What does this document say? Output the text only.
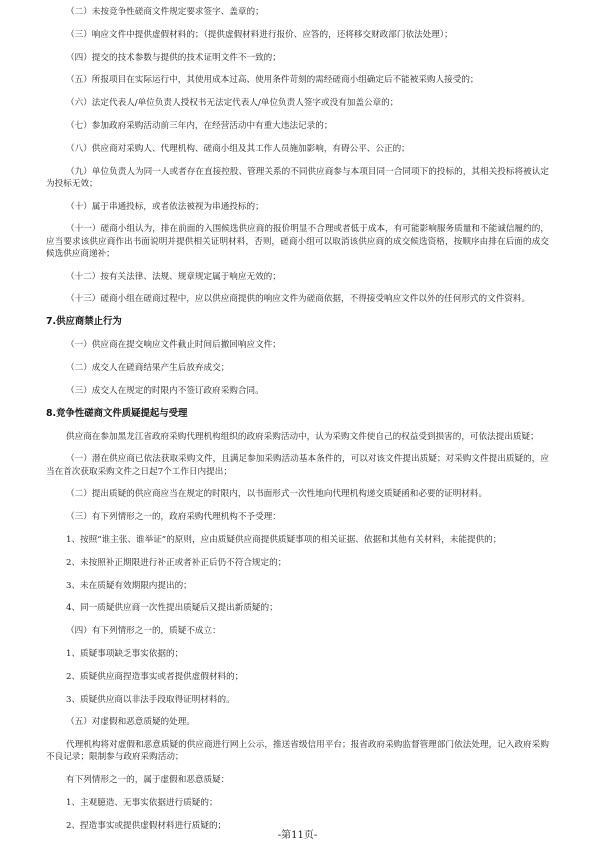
（二）未按竞争性磋商文件规定要求签字、盖章的；

（三）响应文件中提供虚假材料的；（提供虚假材料进行报价、应答的，还将移交财政部门依法处理）；

（四）提交的技术参数与提供的技术证明文件不一致的；

（五）所报项目在实际运行中，其使用成本过高、使用条件苛刻的需经磋商小组确定后不能被采购人接受的；

（六）法定代表人/单位负责人授权书无法定代表人/单位负责人签字或没有加盖公章的；

（七）参加政府采购活动前三年内，在经营活动中有重大违法记录的；

（八）供应商对采购人、代理机构、磋商小组及其工作人员施加影响，有碍公平、公正的；

（九）单位负责人为同一人或者存在直接控股、管理关系的不同供应商参与本项目同一合同项下的投标的，其相关投标将被认定为投标无效；

（十）属于串通投标，或者依法被视为串通投标的；

（十一）磋商小组认为，排在前面的入围候选供应商的报价明显不合理或者低于成本，有可能影响服务质量和不能诚信履约的，应当要求该供应商作出书面说明并提供相关证明材料，否则，磋商小组可以取消该供应商的成交候选资格，按顺序由排在后面的成交候选供应商递补；

（十二）按有关法律、法规、规章规定属于响应无效的；

（十三）磋商小组在磋商过程中，应以供应商提供的响应文件为磋商依据，不得接受响应文件以外的任何形式的文件资料。

7.供应商禁止行为

（一）供应商在提交响应文件截止时间后撤回响应文件；

（二）成交人在磋商结果产生后放弃成交；

（三）成交人在规定的时限内不签订政府采购合同。

8.竞争性磋商文件质疑提起与受理

供应商在参加黑龙江省政府采购代理机构组织的政府采购活动中，认为采购文件使自己的权益受到损害的，可依法提出质疑；

（一）潜在供应商已依法获取采购文件，且满足参加采购活动基本条件的，可以对该文件提出质疑；对采购文件提出质疑的，应当在首次获取采购文件之日起7个工作日内提出；

（二）提出质疑的供应商应当在规定的时限内，以书面形式一次性地向代理机构递交质疑函和必要的证明材料。

（三）有下列情形之一的，政府采购代理机构不予受理：

1、按照“谁主张、谁举证”的原则，应由质疑供应商提供质疑事项的相关证据、依据和其他有关材料，未能提供的；

2、未按照补正期限进行补正或者补正后仍不符合规定的；

3、未在质疑有效期限内提出的；

4、同一质疑供应商一次性提出质疑后又提出新质疑的；

（四）有下列情形之一的，质疑不成立：

1、质疑事项缺乏事实依据的；

2、质疑供应商捏造事实或者提供虚假材料的；

3、质疑供应商以非法手段取得证明材料的。

（五）对虚假和恶意质疑的处理。

代理机构将对虚假和恶意质疑的供应商进行网上公示，推送省级信用平台；报省政府采购监督管理部门依法处理，记入政府采购不良记录；限制参与政府采购活动；

有下列情形之一的，属于虚假和恶意质疑：

1、主观臆造、无事实依据进行质疑的；

2、捏造事实或提供虚假材料进行质疑的；

-第11页-
